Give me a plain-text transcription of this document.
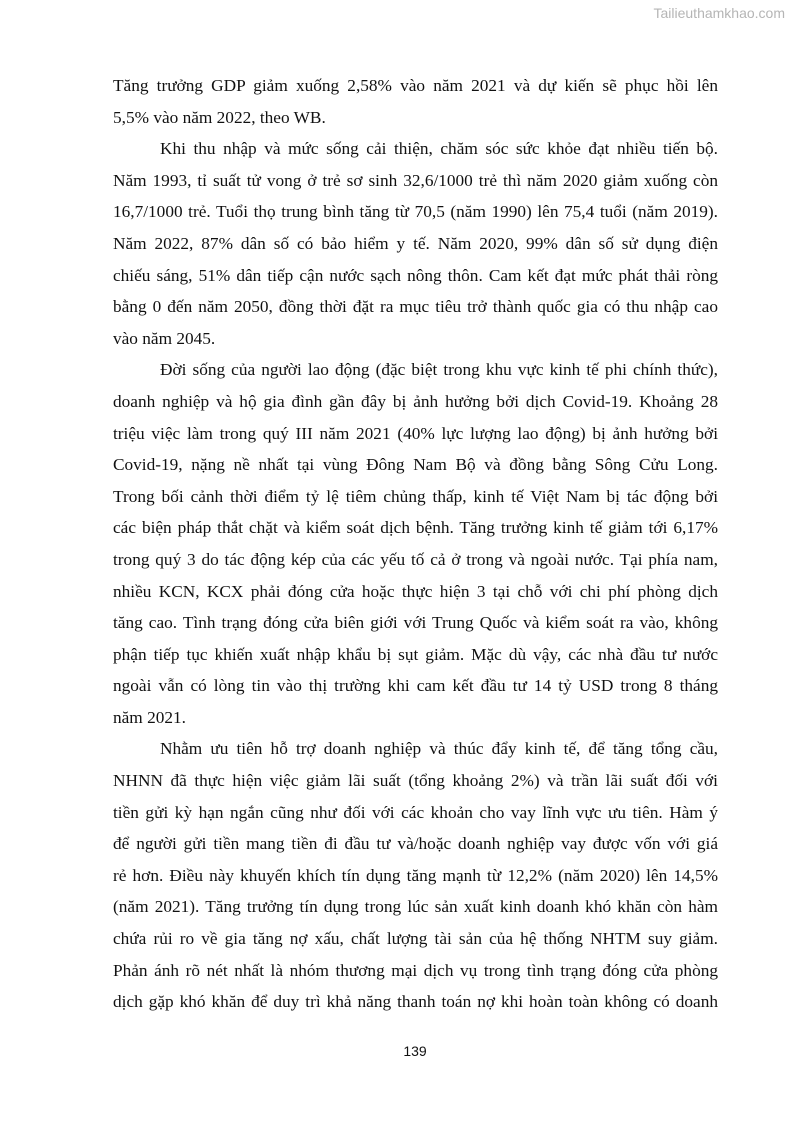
Tailieuthamkhao.com
Tăng trưởng GDP giảm xuống 2,58% vào năm 2021 và dự kiến sẽ phục hồi lên
5,5% vào năm 2022, theo WB.
Khi thu nhập và mức sống cải thiện, chăm sóc sức khỏe đạt nhiều tiến bộ.
Năm 1993, tỉ suất tử vong ở trẻ sơ sinh 32,6/1000 trẻ thì năm 2020 giảm xuống còn
16,7/1000 trẻ. Tuổi thọ trung bình tăng từ 70,5 (năm 1990) lên 75,4 tuổi (năm 2019).
Năm 2022, 87% dân số có bảo hiểm y tế. Năm 2020, 99% dân số sử dụng điện
chiếu sáng, 51% dân tiếp cận nước sạch nông thôn. Cam kết đạt mức phát thải ròng
bằng 0 đến năm 2050, đồng thời đặt ra mục tiêu trở thành quốc gia có thu nhập cao
vào năm 2045.
Đời sống của người lao động (đặc biệt trong khu vực kinh tế phi chính thức),
doanh nghiệp và hộ gia đình gần đây bị ảnh hưởng bởi dịch Covid-19. Khoảng 28
triệu việc làm trong quý III năm 2021 (40% lực lượng lao động) bị ảnh hưởng bởi
Covid-19, nặng nề nhất tại vùng Đông Nam Bộ và đồng bằng Sông Cửu Long.
Trong bối cảnh thời điểm tỷ lệ tiêm chủng thấp, kinh tế Việt Nam bị tác động bởi
các biện pháp thắt chặt và kiểm soát dịch bệnh. Tăng trưởng kinh tế giảm tới 6,17%
trong quý 3 do tác động kép của các yếu tố cả ở trong và ngoài nước. Tại phía nam,
nhiều KCN, KCX phải đóng cửa hoặc thực hiện 3 tại chỗ với chi phí phòng dịch
tăng cao. Tình trạng đóng cửa biên giới với Trung Quốc và kiểm soát ra vào, không
phận tiếp tục khiến xuất nhập khẩu bị sụt giảm. Mặc dù vậy, các nhà đầu tư nước
ngoài vẫn có lòng tin vào thị trường khi cam kết đầu tư 14 tỷ USD trong 8 tháng
năm 2021.
Nhằm ưu tiên hỗ trợ doanh nghiệp và thúc đẩy kinh tế, để tăng tổng cầu,
NHNN đã thực hiện việc giảm lãi suất (tổng khoảng 2%) và trần lãi suất đối với
tiền gửi kỳ hạn ngắn cũng như đối với các khoản cho vay lĩnh vực ưu tiên. Hàm ý
để người gửi tiền mang tiền đi đầu tư và/hoặc doanh nghiệp vay được vốn với giá
rẻ hơn. Điều này khuyến khích tín dụng tăng mạnh từ 12,2% (năm 2020) lên 14,5%
(năm 2021). Tăng trưởng tín dụng trong lúc sản xuất kinh doanh khó khăn còn hàm
chứa rủi ro về gia tăng nợ xấu, chất lượng tài sản của hệ thống NHTM suy giảm.
Phản ánh rõ nét nhất là nhóm thương mại dịch vụ trong tình trạng đóng cửa phòng
dịch gặp khó khăn để duy trì khả năng thanh toán nợ khi hoàn toàn không có doanh
139
